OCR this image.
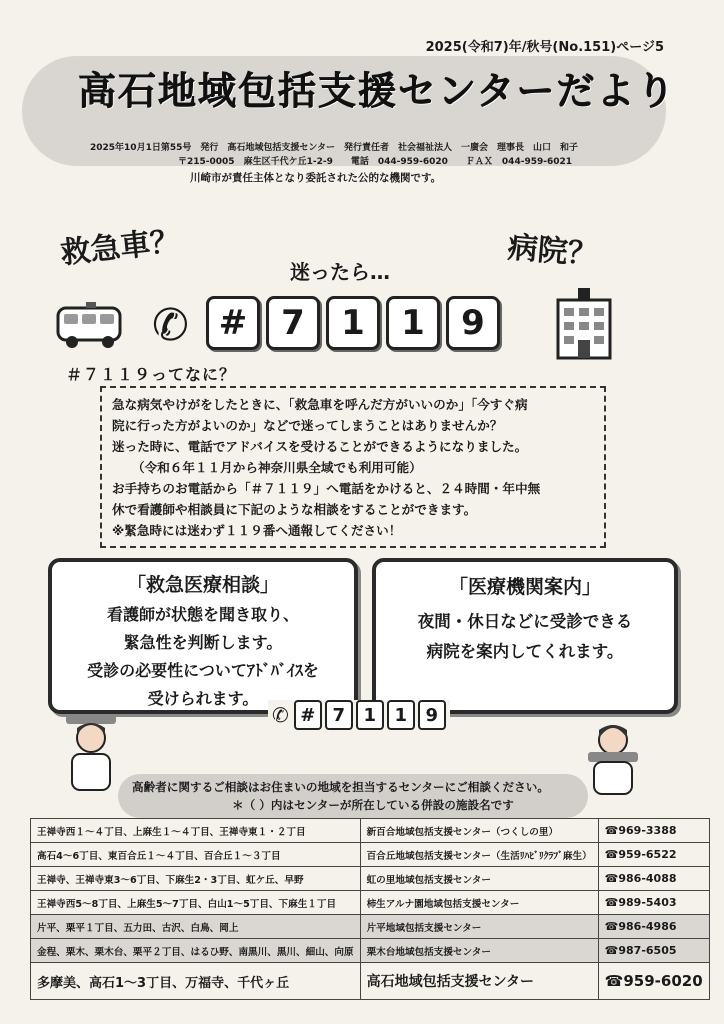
2025(令和7)年/秋号(No.151)ページ5
高石地域包括支援センターだより
2025年10月1日第55号　発行　高石地域包括支援センター　発行責任者　社会福祉法人　一廣会　理事長　山口　和子
〒215-0005　麻生区千代ケ丘1-2-9　　電話　044-959-6020　　ＦＡＸ　044-959-6021
川崎市が責任主体となり委託された公的な機関です。
救急車？	病院？
迷ったら…
✆ # 7	1	1	9
＃７１１９ってなに？
急な病気やけがをしたときに、「救急車を呼んだ方がいいのか」「今すぐ病
院に行った方がよいのか」などで迷ってしまうことはありませんか？
迷った時に、電話でアドバイスを受けることができるようになりました。
（令和６年１１月から神奈川県全域でも利用可能）
お手持ちのお電話から「＃７１１９」へ電話をかけると、２４時間・年中無
休で看護師や相談員に下記のような相談をすることができます。
※緊急時には迷わず１１９番へ通報してください！
「救急医療相談」
看護師が状態を聞き取り、
緊急性を判断します。
受診の必要性についてｱﾄﾞﾊﾞｲｽを
受けられます。
「医療機関案内」
夜間・休日などに受診できる
病院を案内してくれます。
✆ # 7	1	1	9
高齢者に関するご相談はお住まいの地域を担当するセンターにご相談ください。
＊（ ）内はセンターが所在している併設の施設名です
王禅寺西１～４丁目、上麻生１～４丁目、王禅寺東１・２丁目	新百合地域包括支援センター（つくしの里）	☎969-3388
高石4～6丁目、東百合丘１～４丁目、百合丘１～３丁目	百合丘地域包括支援センター（生活ﾘﾊﾋﾞﾘｸﾗﾌﾞ麻生）	☎959-6522
王禅寺、王禅寺東3～6丁目、下麻生2・3丁目、虹ケ丘、早野	虹の里地域包括支援センター	☎986-4088
王禅寺西5～8丁目、上麻生5～7丁目、白山1～5丁目、下麻生１丁目	柿生アルナ園地域包括支援センター	☎989-5403
片平、栗平１丁目、五力田、古沢、白鳥、岡上	片平地域包括支援センター	☎986-4986
金程、栗木、栗木台、栗平２丁目、はるひ野、南黒川、黒川、細山、向原	栗木台地域包括支援センター	☎987-6505
多摩美、高石1～3丁目、万福寺、千代ヶ丘	高石地域包括支援センター	☎959-6020
